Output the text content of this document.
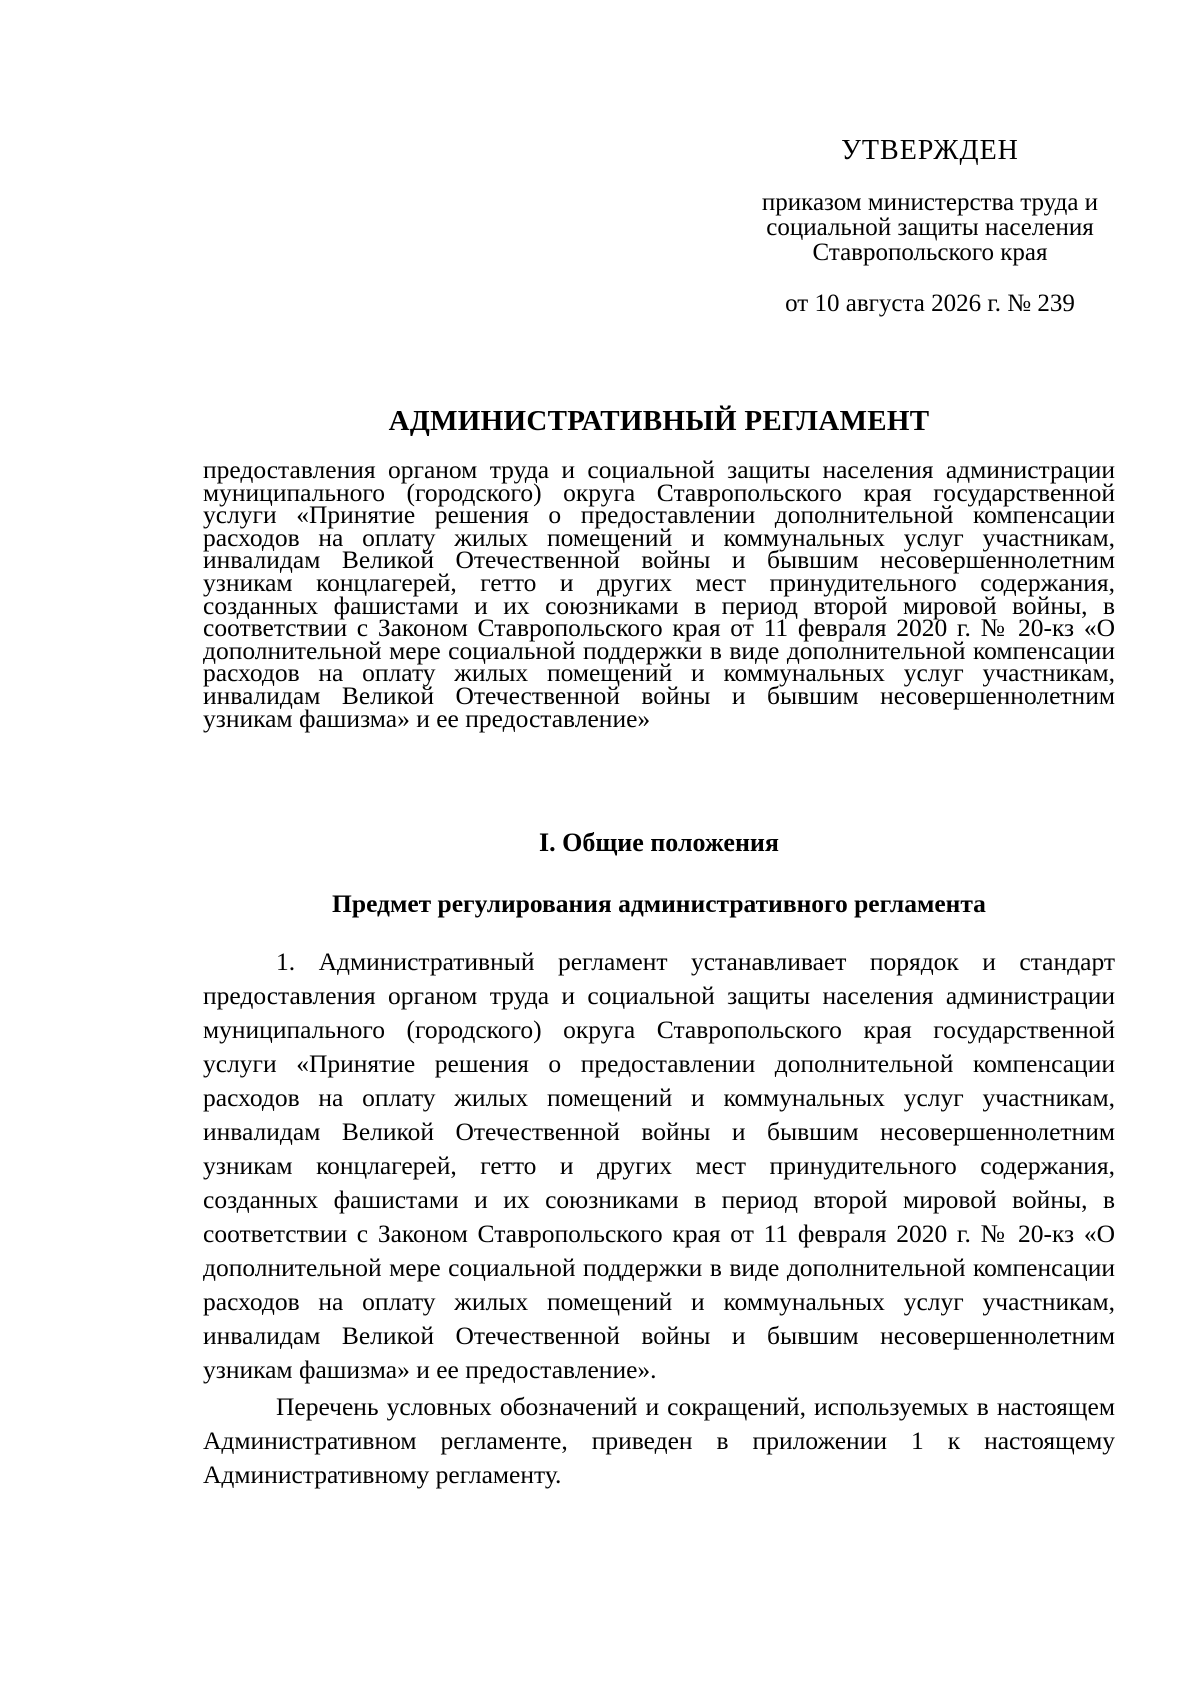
УТВЕРЖДЕН
приказом министерства труда и
социальной защиты населения
Ставропольского края
от 10 августа 2026 г. № 239
АДМИНИСТРАТИВНЫЙ РЕГЛАМЕНТ

предоставления органом труда и социальной защиты населения администрации муниципального (городского) округа Ставропольского края государственной услуги «Принятие решения о предоставлении дополнительной компенсации расходов на оплату жилых помещений и коммунальных услуг участникам, инвалидам Великой Отечественной войны и бывшим несовершеннолетним узникам концлагерей, гетто и других мест принудительного содержания, созданных фашистами и их союзниками в период второй мировой войны, в соответствии с Законом Ставропольского края от 11 февраля 2020 г. № 20-кз «О дополнительной мере социальной поддержки в виде дополнительной компенсации расходов на оплату жилых помещений и коммунальных услуг участникам, инвалидам Великой Отечественной войны и бывшим несовершеннолетним узникам фашизма» и ее предоставление»

I. Общие положения
Предмет регулирования административного регламента

1. Административный регламент устанавливает порядок и стандарт предоставления органом труда и социальной защиты населения администрации муниципального (городского) округа Ставропольского края государственной услуги «Принятие решения о предоставлении дополнительной компенсации расходов на оплату жилых помещений и коммунальных услуг участникам, инвалидам Великой Отечественной войны и бывшим несовершеннолетним узникам концлагерей, гетто и других мест принудительного содержания, созданных фашистами и их союзниками в период второй мировой войны, в соответствии с Законом Ставропольского края от 11 февраля 2020 г. № 20-кз «О дополнительной мере социальной поддержки в виде дополнительной компенсации расходов на оплату жилых помещений и коммунальных услуг участникам, инвалидам Великой Отечественной войны и бывшим несовершеннолетним узникам фашизма» и ее предоставление».

Перечень условных обозначений и сокращений, используемых в настоящем Административном регламенте, приведен в приложении 1 к настоящему Административному регламенту.
